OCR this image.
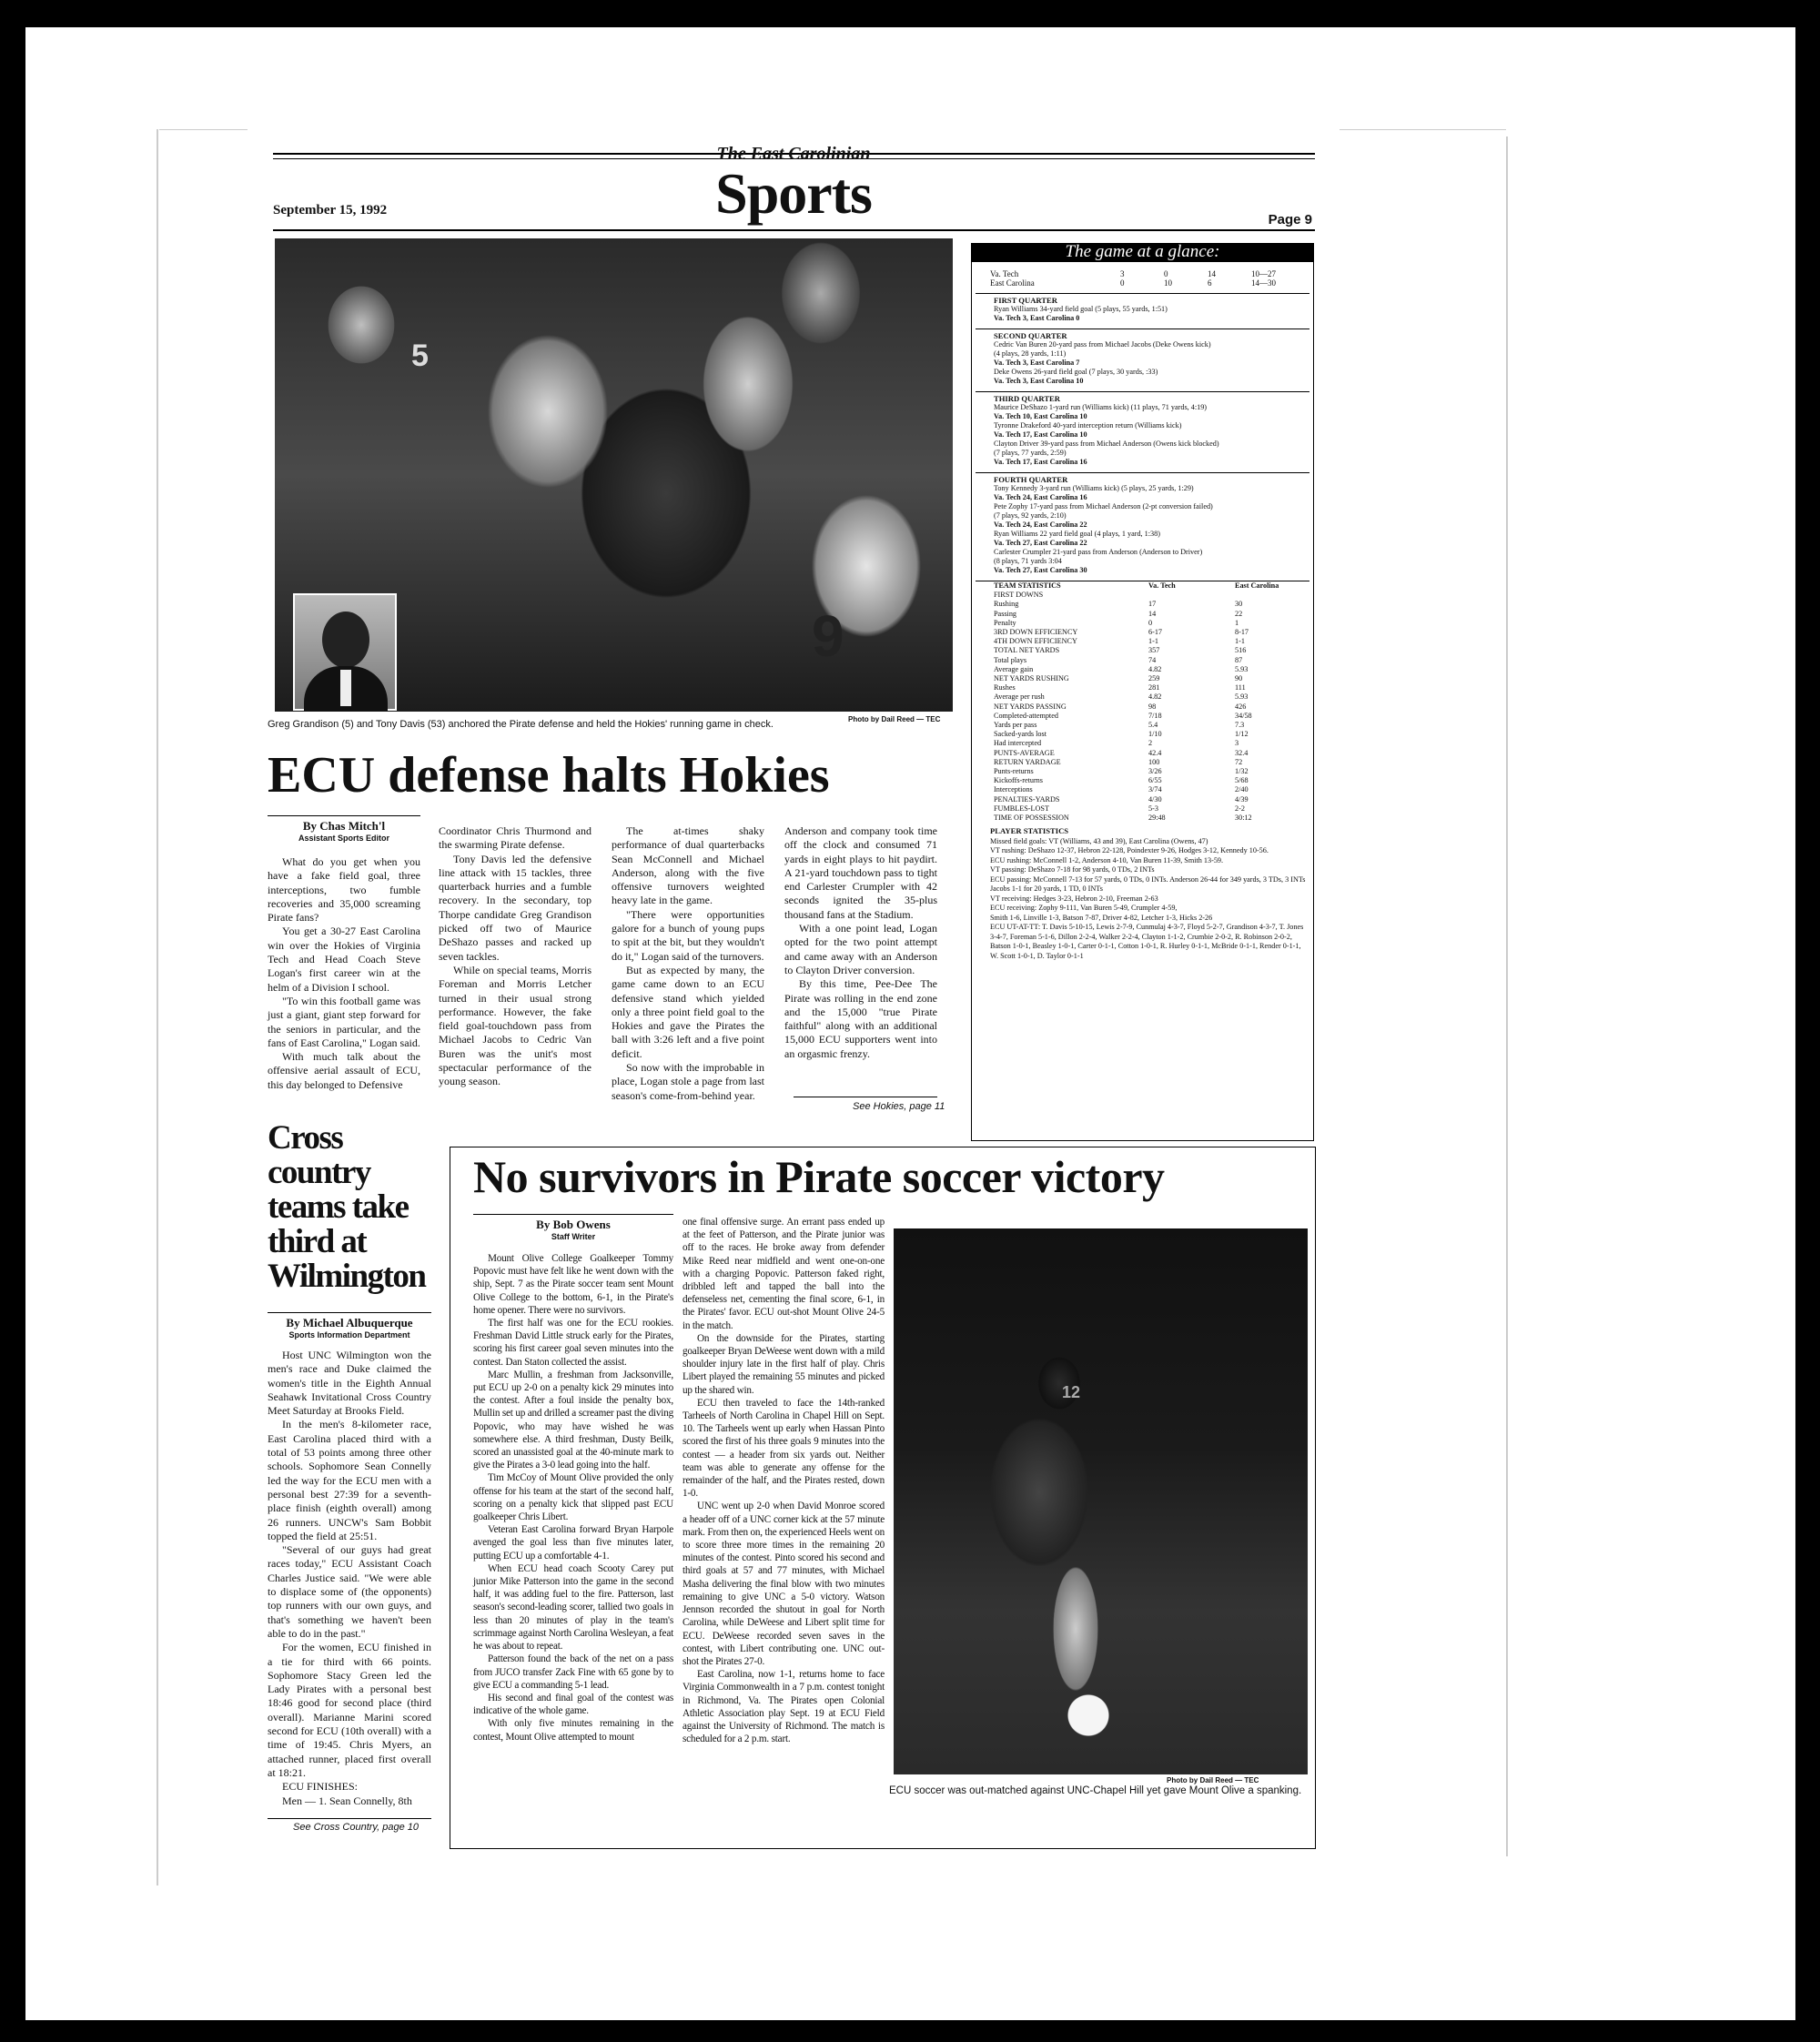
The East Carolinian
Sports
September 15, 1992
Page 9
5
9
Photo by Dail Reed — TEC
Greg Grandison (5) and Tony Davis (53) anchored the Pirate defense and held the Hokies' running game in check.
ECU defense halts Hokies
By Chas Mitch'l
Assistant Sports Editor

What do you get when you have a fake field goal, three interceptions, two fumble recoveries and 35,000 screaming Pirate fans?

You get a 30-27 East Carolina win over the Hokies of Virginia Tech and Head Coach Steve Logan's first career win at the helm of a Division I school.

"To win this football game was just a giant, giant step forward for the seniors in particular, and the fans of East Carolina," Logan said.

With much talk about the offensive aerial assault of ECU, this day belonged to Defensive

Coordinator Chris Thurmond and the swarming Pirate defense.

Tony Davis led the defensive line attack with 15 tackles, three quarterback hurries and a fumble recovery. In the secondary, top Thorpe candidate Greg Grandison picked off two of Maurice DeShazo passes and racked up seven tackles.

While on special teams, Morris Foreman and Morris Letcher turned in their usual strong performance. However, the fake field goal-touchdown pass from Michael Jacobs to Cedric Van Buren was the unit's most spectacular performance of the young season.

The at-times shaky performance of dual quarterbacks Sean McConnell and Michael Anderson, along with the five offensive turnovers weighted heavy late in the game.

"There were opportunities galore for a bunch of young pups to spit at the bit, but they wouldn't do it," Logan said of the turnovers.

But as expected by many, the game came down to an ECU defensive stand which yielded only a three point field goal to the Hokies and gave the Pirates the ball with 3:26 left and a five point deficit.

So now with the improbable in place, Logan stole a page from last season's come-from-behind year.

Anderson and company took time off the clock and consumed 71 yards in eight plays to hit paydirt. A 21-yard touchdown pass to tight end Carlester Crumpler with 42 seconds ignited the 35-plus thousand fans at the Stadium.

With a one point lead, Logan opted for the two point attempt and came away with an Anderson to Clayton Driver conversion.

By this time, Pee-Dee The Pirate was rolling in the end zone and the 15,000 "true Pirate faithful" along with an additional 15,000 ECU supporters went into an orgasmic frenzy.

See Hokies, page 11
The game at a glance:
Va. Tech	3	0	14	10—27
East Carolina	0	10	6	14—30
FIRST QUARTER
Ryan Williams 34-yard field goal (5 plays, 55 yards, 1:51)
Va. Tech 3, East Carolina 0
SECOND QUARTER
Cedric Van Buren 20-yard pass from Michael Jacobs (Deke Owens kick)
(4 plays, 28 yards, 1:11)
Va. Tech 3, East Carolina 7
Deke Owens 26-yard field goal (7 plays, 30 yards, :33)
Va. Tech 3, East Carolina 10
THIRD QUARTER
Maurice DeShazo 1-yard run (Williams kick) (11 plays, 71 yards, 4:19)
Va. Tech 10, East Carolina 10
Tyronne Drakeford 40-yard interception return (Williams kick)
Va. Tech 17, East Carolina 10
Clayton Driver 39-yard pass from Michael Anderson (Owens kick blocked)
(7 plays, 77 yards, 2:59)
Va. Tech 17, East Carolina 16
FOURTH QUARTER
Tony Kennedy 3-yard run (Williams kick) (5 plays, 25 yards, 1:29)
Va. Tech 24, East Carolina 16
Pete Zophy 17-yard pass from Michael Anderson (2-pt conversion failed)
(7 plays, 92 yards, 2:10)
Va. Tech 24, East Carolina 22
Ryan Williams 22 yard field goal (4 plays, 1 yard, 1:38)
Va. Tech 27, East Carolina 22
Carlester Crumpler 21-yard pass from Anderson (Anderson to Driver)
(8 plays, 71 yards 3:04
Va. Tech 27, East Carolina 30
TEAM STATISTICS	Va. Tech	East Carolina
FIRST DOWNS		
Rushing	17	30
Passing	14	22
Penalty	0	1
3RD DOWN EFFICIENCY	6-17	8-17
4TH DOWN EFFICIENCY	1-1	1-1
TOTAL NET YARDS	357	516
Total plays	74	87
Average gain	4.82	5.93
NET YARDS RUSHING	259	90
Rushes	281	111
Average per rush	4.82	5.93
NET YARDS PASSING	98	426
Completed-attempted	7/18	34/58
Yards per pass	5.4	7.3
Sacked-yards lost	1/10	1/12
Had intercepted	2	3
PUNTS-AVERAGE	42.4	32.4
RETURN YARDAGE	100	72
Punts-returns	3/26	1/32
Kickoffs-returns	6/55	5/68
Interceptions	3/74	2/40
PENALTIES-YARDS	4/30	4/39
FUMBLES-LOST	5-3	2-2
TIME OF POSSESSION	29:48	30:12
PLAYER STATISTICS
Missed field goals: VT (Williams, 43 and 39), East Carolina (Owens, 47)
VT rushing: DeShazo 12-37, Hebron 22-128, Poindexter 9-26, Hodges 3-12, Kennedy 10-56.
ECU rushing: McConnell 1-2, Anderson 4-10, Van Buren 11-39, Smith 13-59.
VT passing: DeShazo 7-18 for 98 yards, 0 TDs, 2 INTs
ECU passing: McConnell 7-13 for 57 yards, 0 TDs, 0 INTs. Anderson 26-44 for 349 yards, 3 TDs, 3 INTs
Jacobs 1-1 for 20 yards, 1 TD, 0 INTs
VT receiving: Hedges 3-23, Hebron 2-10, Freeman 2-63
ECU receiving: Zophy 9-111, Van Buren 5-49, Crumpler 4-59,
Smith 1-6, Linville 1-3, Batson 7-87, Driver 4-82, Letcher 1-3, Hicks 2-26
ECU UT-AT-TT: T. Davis 5-10-15, Lewis 2-7-9, Cunmulaj 4-3-7, Floyd 5-2-7, Grandison 4-3-7, T. Jones 3-4-7, Foreman 5-1-6, Dillon 2-2-4, Walker 2-2-4, Clayton 1-1-2, Crumbie 2-0-2, R. Robinson 2-0-2, Batson 1-0-1, Beasley 1-0-1, Carter 0-1-1, Cotton 1-0-1, R. Hurley 0-1-1, McBride 0-1-1, Render 0-1-1, W. Scott 1-0-1, D. Taylor 0-1-1
Cross
country
teams take
third at
Wilmington
By Michael Albuquerque
Sports Information Department

Host UNC Wilmington won the men's race and Duke claimed the women's title in the Eighth Annual Seahawk Invitational Cross Country Meet Saturday at Brooks Field.

In the men's 8-kilometer race, East Carolina placed third with a total of 53 points among three other schools. Sophomore Sean Connelly led the way for the ECU men with a personal best 27:39 for a seventh-place finish (eighth overall) among 26 runners. UNCW's Sam Bobbit topped the field at 25:51.

"Several of our guys had great races today," ECU Assistant Coach Charles Justice said. "We were able to displace some of (the opponents) top runners with our own guys, and that's something we haven't been able to do in the past."

For the women, ECU finished in a tie for third with 66 points. Sophomore Stacy Green led the Lady Pirates with a personal best 18:46 good for second place (third overall). Marianne Marini scored second for ECU (10th overall) with a time of 19:45. Chris Myers, an attached runner, placed first overall at 18:21.

ECU FINISHES:

Men — 1. Sean Connelly, 8th

See Cross Country, page 10
No survivors in Pirate soccer victory
By Bob Owens
Staff Writer

Mount Olive College Goalkeeper Tommy Popovic must have felt like he went down with the ship, Sept. 7 as the Pirate soccer team sent Mount Olive College to the bottom, 6-1, in the Pirate's home opener. There were no survivors.

The first half was one for the ECU rookies. Freshman David Little struck early for the Pirates, scoring his first career goal seven minutes into the contest. Dan Staton collected the assist.

Marc Mullin, a freshman from Jacksonville, put ECU up 2-0 on a penalty kick 29 minutes into the contest. After a foul inside the penalty box, Mullin set up and drilled a screamer past the diving Popovic, who may have wished he was somewhere else. A third freshman, Dusty Beilk, scored an unassisted goal at the 40-minute mark to give the Pirates a 3-0 lead going into the half.

Tim McCoy of Mount Olive provided the only offense for his team at the start of the second half, scoring on a penalty kick that slipped past ECU goalkeeper Chris Libert.

Veteran East Carolina forward Bryan Harpole avenged the goal less than five minutes later, putting ECU up a comfortable 4-1.

When ECU head coach Scooty Carey put junior Mike Patterson into the game in the second half, it was adding fuel to the fire. Patterson, last season's second-leading scorer, tallied two goals in less than 20 minutes of play in the team's scrimmage against North Carolina Wesleyan, a feat he was about to repeat.

Patterson found the back of the net on a pass from JUCO transfer Zack Fine with 65 gone by to give ECU a commanding 5-1 lead.

His second and final goal of the contest was indicative of the whole game.

With only five minutes remaining in the contest, Mount Olive attempted to mount

one final offensive surge. An errant pass ended up at the feet of Patterson, and the Pirate junior was off to the races. He broke away from defender Mike Reed near midfield and went one-on-one with a charging Popovic. Patterson faked right, dribbled left and tapped the ball into the defenseless net, cementing the final score, 6-1, in the Pirates' favor. ECU out-shot Mount Olive 24-5 in the match.

On the downside for the Pirates, starting goalkeeper Bryan DeWeese went down with a mild shoulder injury late in the first half of play. Chris Libert played the remaining 55 minutes and picked up the shared win.

ECU then traveled to face the 14th-ranked Tarheels of North Carolina in Chapel Hill on Sept. 10. The Tarheels went up early when Hassan Pinto scored the first of his three goals 9 minutes into the contest — a header from six yards out. Neither team was able to generate any offense for the remainder of the half, and the Pirates rested, down 1-0.

UNC went up 2-0 when David Monroe scored a header off of a UNC corner kick at the 57 minute mark. From then on, the experienced Heels went on to score three more times in the remaining 20 minutes of the contest. Pinto scored his second and third goals at 57 and 77 minutes, with Michael Masha delivering the final blow with two minutes remaining to give UNC a 5-0 victory. Watson Jennson recorded the shutout in goal for North Carolina, while DeWeese and Libert split time for ECU. DeWeese recorded seven saves in the contest, with Libert contributing one. UNC out-shot the Pirates 27-0.

East Carolina, now 1-1, returns home to face Virginia Commonwealth in a 7 p.m. contest tonight in Richmond, Va. The Pirates open Colonial Athletic Association play Sept. 19 at ECU Field against the University of Richmond. The match is scheduled for a 2 p.m. start.

12
Photo by Dail Reed — TEC
ECU soccer was out-matched against UNC-Chapel Hill yet gave Mount Olive a spanking.
